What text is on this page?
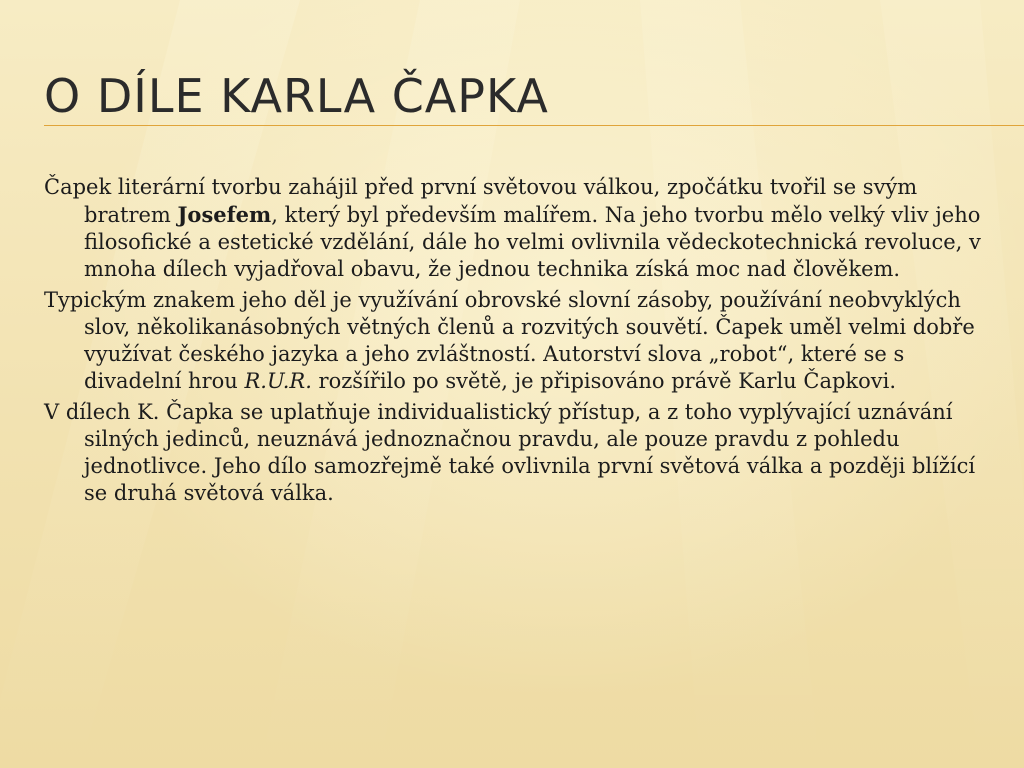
O DÍLE KARLA ČAPKA

Čapek literární tvorbu zahájil před první světovou válkou, zpočátku tvořil se svým bratrem Josefem, který byl především malířem. Na jeho tvorbu mělo velký vliv jeho filosofické a estetické vzdělání, dále ho velmi ovlivnila vědeckotechnická revoluce, v mnoha dílech vyjadřoval obavu, že jednou technika získá moc nad člověkem.

Typickým znakem jeho děl je využívání obrovské slovní zásoby, používání neobvyklých slov, několikanásobných větných členů a rozvitých souvětí. Čapek uměl velmi dobře využívat českého jazyka a jeho zvláštností. Autorství slova „robot“, které se s divadelní hrou R.U.R. rozšířilo po světě, je připisováno právě Karlu Čapkovi.

V dílech K. Čapka se uplatňuje individualistický přístup, a z toho vyplývající uznávání silných jedinců, neuznává jednoznačnou pravdu, ale pouze pravdu z pohledu jednotlivce. Jeho dílo samozřejmě také ovlivnila první světová válka a později blížící se druhá světová válka.
